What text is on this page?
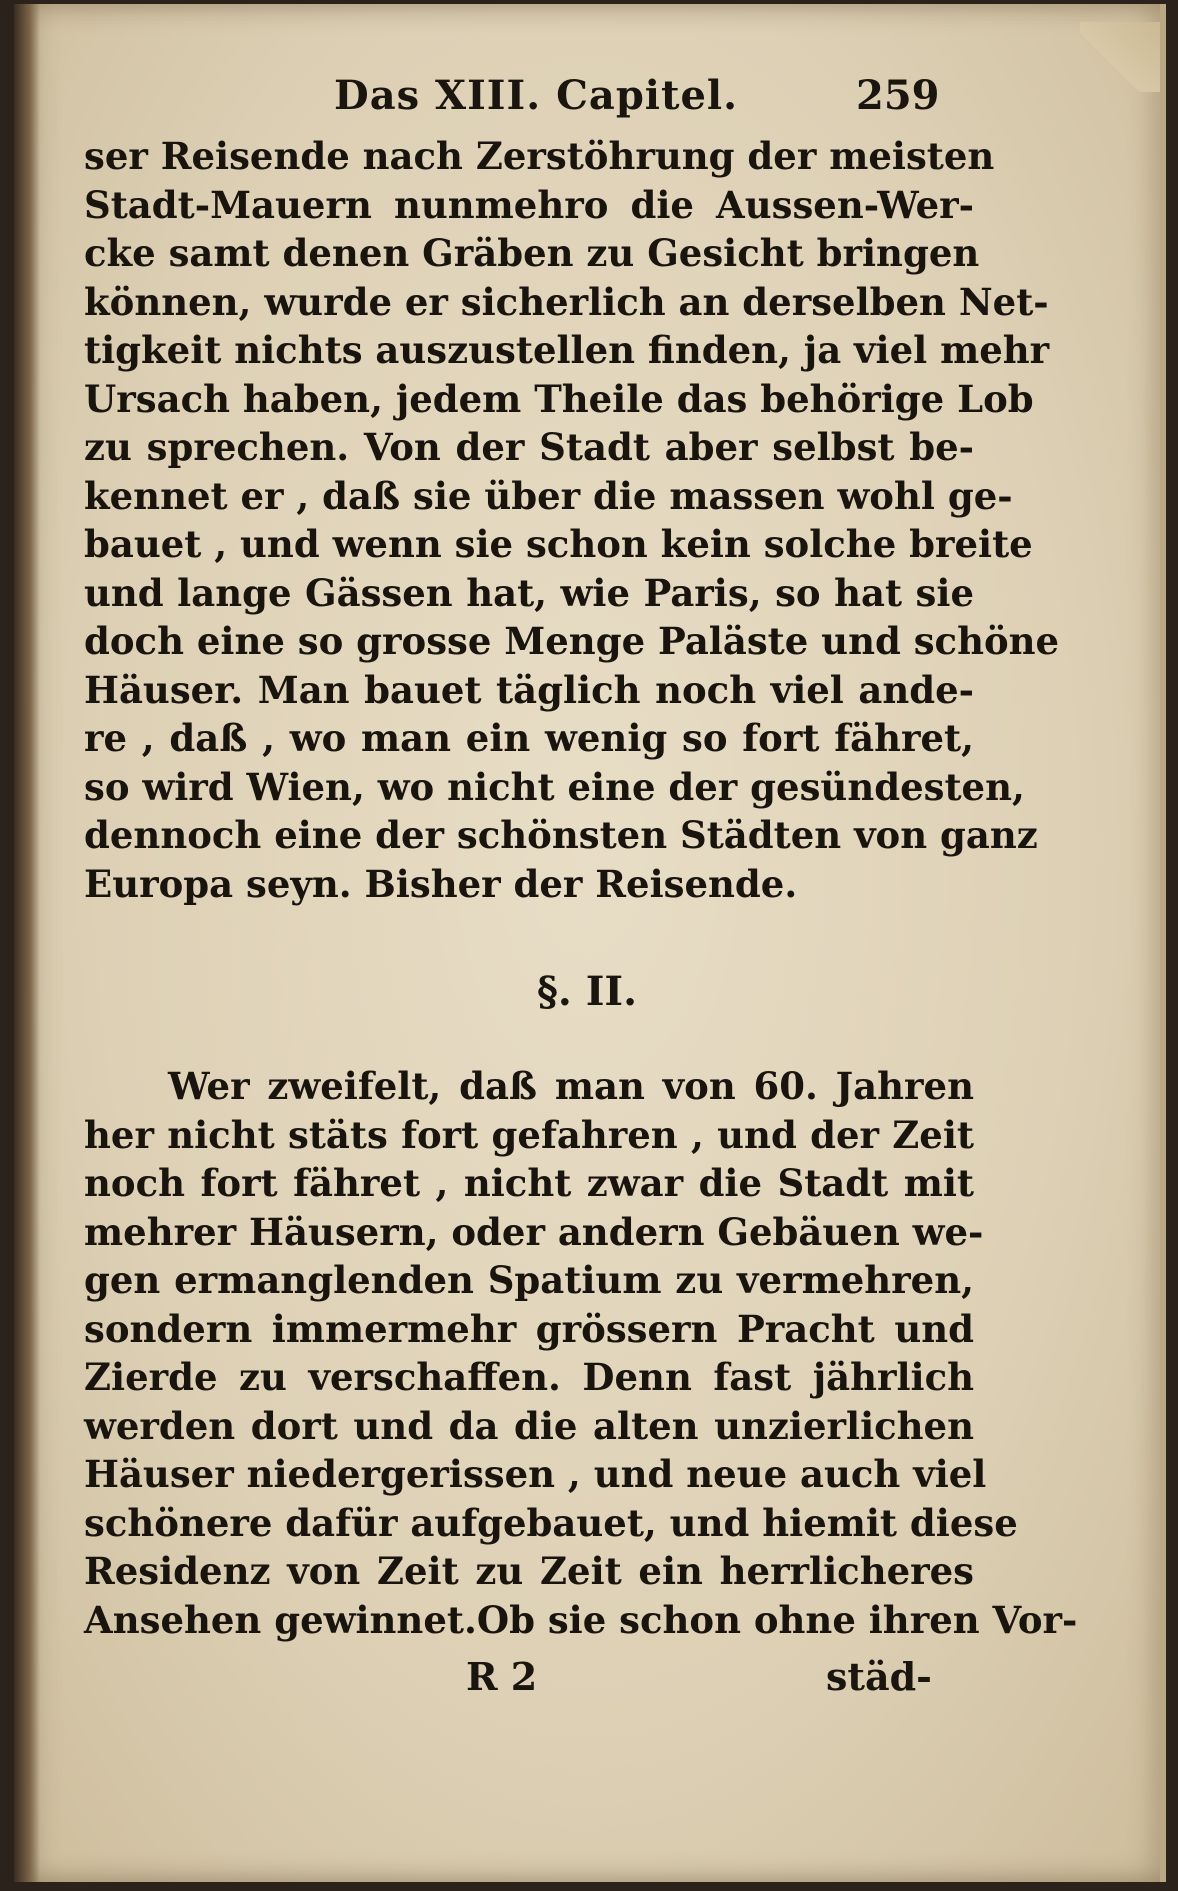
Das XIII. Capitel.	259
ser Reisende nach Zerstöhrung der meisten
Stadt-Mauern nunmehro die Aussen-Wer-
cke samt denen Gräben zu Gesicht bringen
können, wurde er sicherlich an derselben Net-
tigkeit nichts auszustellen finden, ja viel mehr
Ursach haben, jedem Theile das behörige Lob
zu sprechen. Von der Stadt aber selbst be-
kennet er , daß sie über die massen wohl ge-
bauet , und wenn sie schon kein solche breite
und lange Gässen hat, wie Paris, so hat sie
doch eine so grosse Menge Paläste und schöne
Häuser. Man bauet täglich noch viel ande-
re , daß , wo man ein wenig so fort fähret,
so wird Wien, wo nicht eine der gesündesten,
dennoch eine der schönsten Städten von ganz
Europa seyn. Bisher der Reisende.
§. II.
Wer zweifelt, daß man von 60. Jahren
her nicht stäts fort gefahren , und der Zeit
noch fort fähret , nicht zwar die Stadt mit
mehrer Häusern, oder andern Gebäuen we-
gen ermanglenden Spatium zu vermehren,
sondern immermehr grössern Pracht und
Zierde zu verschaffen. Denn fast jährlich
werden dort und da die alten unzierlichen
Häuser niedergerissen , und neue auch viel
schönere dafür aufgebauet, und hiemit diese
Residenz von Zeit zu Zeit ein herrlicheres
Ansehen gewinnet.Ob sie schon ohne ihren Vor-
R 2	städ-
